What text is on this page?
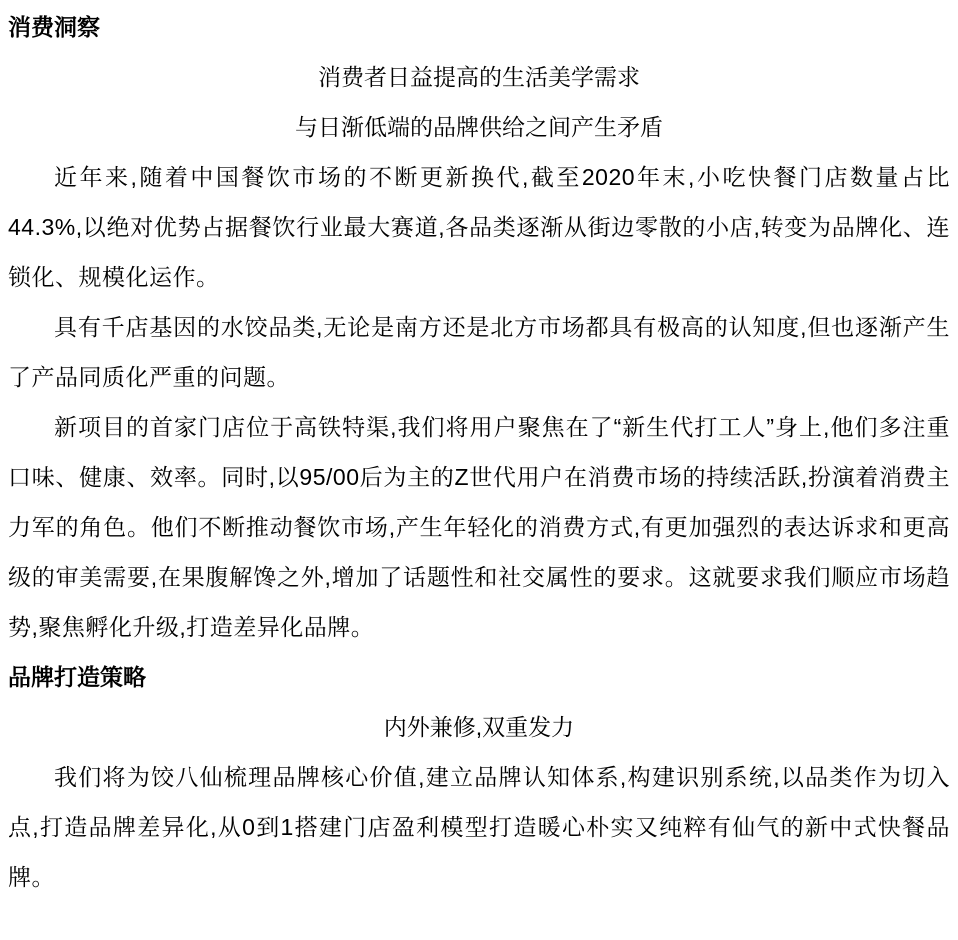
消费洞察

消费者日益提高的生活美学需求

与日渐低端的品牌供给之间产生矛盾

近年来,随着中国餐饮市场的不断更新换代,截至2020年末,小吃快餐门店数量占比44.3%,以绝对优势占据餐饮行业最大赛道,各品类逐渐从街边零散的小店,转变为品牌化、连锁化、规模化运作。

具有千店基因的水饺品类,无论是南方还是北方市场都具有极高的认知度,但也逐渐产生了产品同质化严重的问题。

新项目的首家门店位于高铁特渠,我们将用户聚焦在了“新生代打工人”身上,他们多注重口味、健康、效率。同时,以95/00后为主的Z世代用户在消费市场的持续活跃,扮演着消费主力军的角色。他们不断推动餐饮市场,产生年轻化的消费方式,有更加强烈的表达诉求和更高级的审美需要,在果腹解馋之外,增加了话题性和社交属性的要求。这就要求我们顺应市场趋势,聚焦孵化升级,打造差异化品牌。

品牌打造策略

内外兼修,双重发力

我们将为饺八仙梳理品牌核心价值,建立品牌认知体系,构建识别系统,以品类作为切入点,打造品牌差异化,从0到1搭建门店盈利模型打造暖心朴实又纯粹有仙气的新中式快餐品牌。
